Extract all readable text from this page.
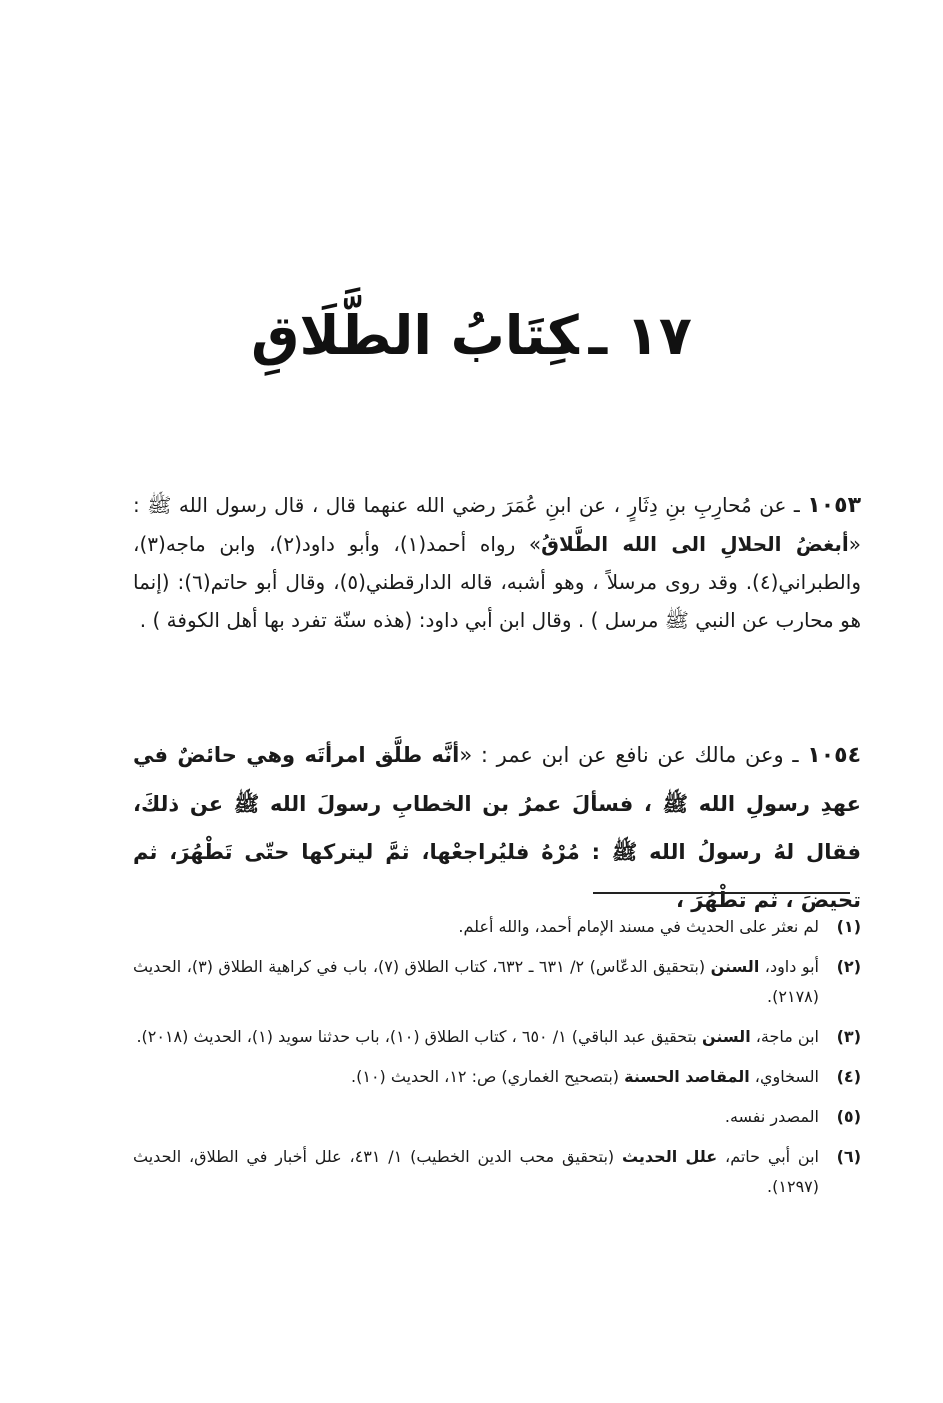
١٧ ـكِتَابُ الطَّلَاقِ
١٠٥٣ ـ عن مُحارِبِ بنِ دِثَارٍ ، عن ابنِ عُمَرَ رضي الله عنهما قال ، قال رسول الله ﷺ : «أبغضُ الحلالِ الى الله الطَّلاقُ» رواه أحمد(١)، وأبو داود(٢)، وابن ماجه(٣)، والطبراني(٤). وقد روى مرسلاً ، وهو أشبه، قاله الدارقطني(٥)، وقال أبو حاتم(٦): (إنما هو محارب عن النبي ﷺ مرسل ) . وقال ابن أبي داود: (هذه سنّة تفرد بها أهل الكوفة ) .
١٠٥٤ ـ وعن مالك عن نافع عن ابن عمر : «أنَّه طلَّق امرأتَه وهي حائضٌ في عهدِ رسولِ الله ﷺ ، فسألَ عمرُ بن الخطابِ رسولَ الله ﷺ عن ذلكَ، فقال لهُ رسولُ الله ﷺ : مُرْهُ فليُراجعْها، ثمَّ ليتركها حتّى تَطْهُرَ، ثم تحيضَ ، ثم تطْهُرَ ،
(١)
لم نعثر على الحديث في مسند الإمام أحمد، والله أعلم.
(٢)
أبو داود، السنن (بتحقيق الدعّاس) ٢/ ٦٣١ ـ ٦٣٢، كتاب الطلاق (٧)، باب في كراهية الطلاق (٣)، الحديث (٢١٧٨).
(٣)
ابن ماجة، السنن بتحقيق عبد الباقي) ١/ ٦٥٠ ، كتاب الطلاق (١٠)، باب حدثنا سويد (١)، الحديث (٢٠١٨).
(٤)
السخاوي، المقاصد الحسنة (بتصحيح الغماري) ص: ١٢، الحديث (١٠).
(٥)
المصدر نفسه.
(٦)
ابن أبي حاتم، علل الحديث (بتحقيق محب الدين الخطيب) ١/ ٤٣١، علل أخبار في الطلاق، الحديث (١٢٩٧).
